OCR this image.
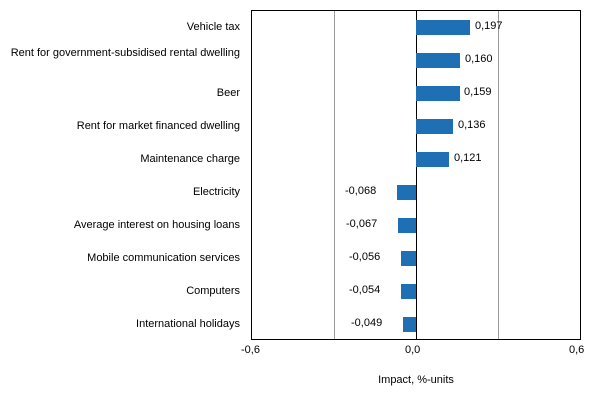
Vehicle tax
Rent for government-subsidised rental dwelling
Beer
Rent for market financed dwelling
Maintenance charge
Electricity
Average interest on housing loans
Mobile communication services
Computers
International holidays
0,197
0,160
0,159
0,136
0,121
-0,068
-0,067
-0,056
-0,054
-0,049
-0,6	0,0	0,6
Impact, %-units
